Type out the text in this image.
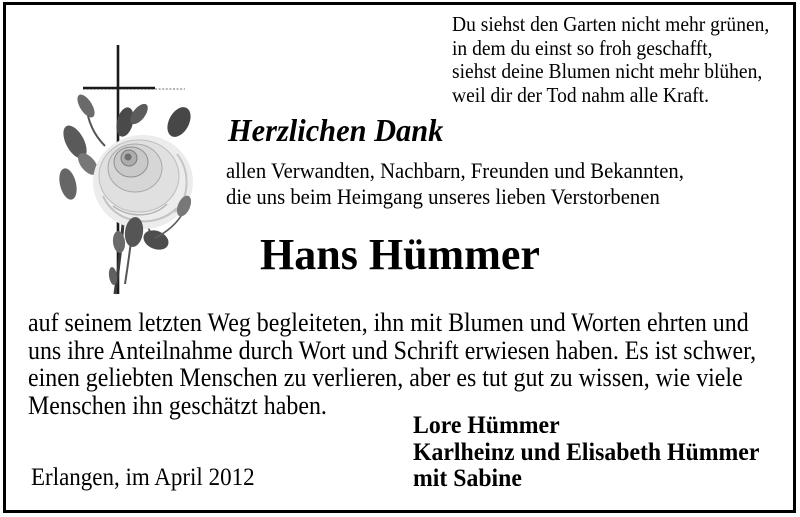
Du siehst den Garten nicht mehr grünen,
in dem du einst so froh geschafft,
siehst deine Blumen nicht mehr blühen,
weil dir der Tod nahm alle Kraft.
Herzlichen Dank
allen Verwandten, Nachbarn, Freunden und Bekannten,
die uns beim Heimgang unseres lieben Verstorbenen
Hans Hümmer
auf seinem letzten Weg begleiteten, ihn mit Blumen und Worten ehrten und
uns ihre Anteilnahme durch Wort und Schrift erwiesen haben. Es ist schwer,
einen geliebten Menschen zu verlieren, aber es tut gut zu wissen, wie viele
Menschen ihn geschätzt haben.
Lore Hümmer
Karlheinz und Elisabeth Hümmer
mit Sabine
Erlangen, im April 2012
